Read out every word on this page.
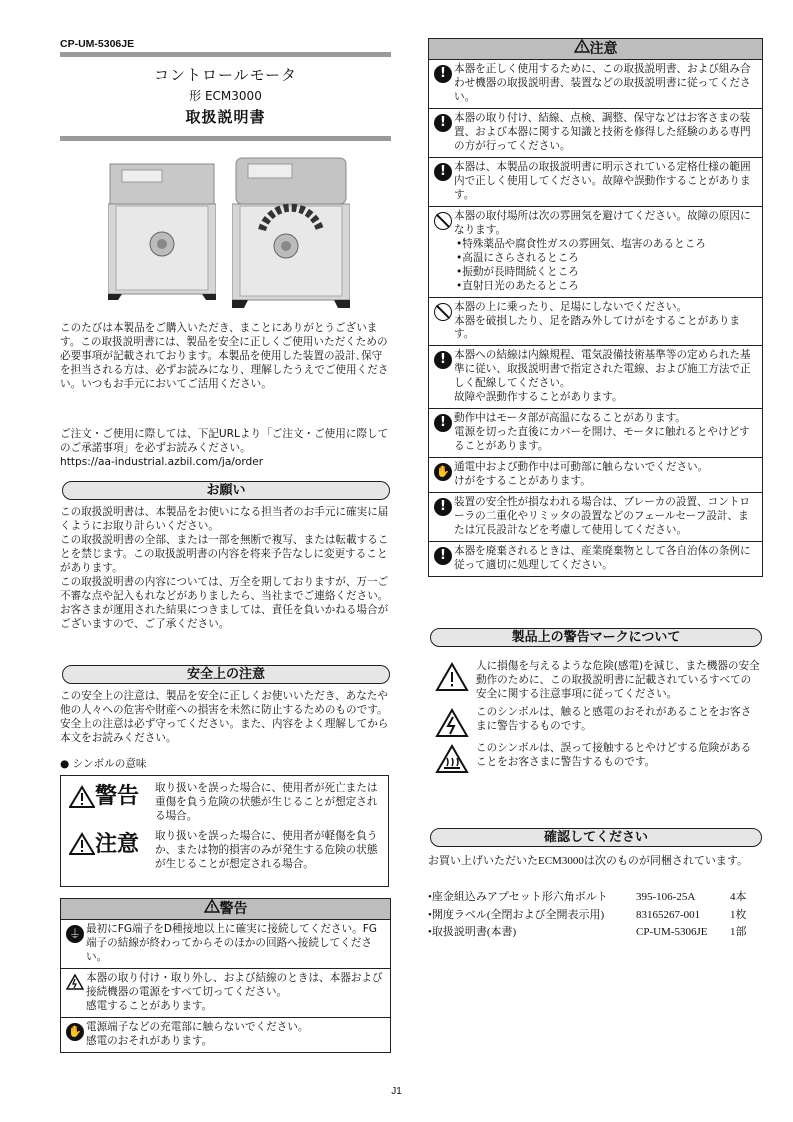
CP-UM-5306JE
コントロールモータ
形 ECM3000
取扱説明書
このたびは本製品をご購入いただき、まことにありがとうございます。この取扱説明書には、製品を安全に正しくご使用いただくための必要事項が記載されております。本製品を使用した装置の設計､保守を担当される方は、必ずお読みになり、理解したうえでご使用ください。いつもお手元においてご活用ください。
ご注文・ご使用に際しては、下記URLより「ご注文・ご使用に際してのご承諾事項」を必ずお読みください。
https://aa-industrial.azbil.com/ja/order
お願い
この取扱説明書は、本製品をお使いになる担当者のお手元に確実に届くようにお取り計らいください。
この取扱説明書の全部、または一部を無断で複写、または転載することを禁じます。この取扱説明書の内容を将来予告なしに変更することがあります。
この取扱説明書の内容については、万全を期しておりますが、万一ご不審な点や記入もれなどがありましたら、当社までご連絡ください。
お客さまが運用された結果につきましては、責任を負いかねる場合がございますので、ご了承ください。
安全上の注意
この安全上の注意は、製品を安全に正しくお使いいただき、あなたや他の人々への危害や財産への損害を未然に防止するためのものです。安全上の注意は必ず守ってください。また、内容をよく理解してから本文をお読みください。
● シンボルの意味
警告 取り扱いを誤った場合に、使用者が死亡または重傷を負う危険の状態が生じることが想定される場合。
注意 取り扱いを誤った場合に、使用者が軽傷を負うか、または物的損害のみが発生する危険の状態が生じることが想定される場合。
警告
⏚ 最初にFG端子をD種接地以上に確実に接続してください。FG端子の結線が終わってからそのほかの回路へ接続してください。
本器の取り付け・取り外し、および結線のときは、本器および接続機器の電源をすべて切ってください。
感電することがあります。
✋ 電源端子などの充電部に触らないでください。
感電のおそれがあります。
注意
! 本器を正しく使用するために、この取扱説明書、および組み合わせ機器の取扱説明書、装置などの取扱説明書に従ってください。
! 本器の取り付け、結線、点検、調整、保守などはお客さまの装置、および本器に関する知識と技術を修得した経験のある専門の方が行ってください。
! 本器は、本製品の取扱説明書に明示されている定格仕様の範囲内で正しく使用してください。故障や誤動作することがあります。
本器の取付場所は次の雰囲気を避けてください。故障の原因になります。
•特殊薬品や腐食性ガスの雰囲気、塩害のあるところ
•高温にさらされるところ
•振動が長時間続くところ
•直射日光のあたるところ
本器の上に乗ったり、足場にしないでください。
本器を破損したり、足を踏み外してけがをすることがあります。
! 本器への結線は内線規程、電気設備技術基準等の定められた基準に従い、取扱説明書で指定された電線、および施工方法で正しく配線してください。
故障や誤動作することがあります。
! 動作中はモータ部が高温になることがあります。
電源を切った直後にカバーを開け、モータに触れるとやけどすることがあります。
✋ 通電中および動作中は可動部に触らないでください。
けがをすることがあります。
! 装置の安全性が損なわれる場合は、ブレーカの設置、コントローラの二重化やリミッタの設置などのフェールセーフ設計、または冗長設計などを考慮して使用してください。
! 本器を廃棄されるときは、産業廃棄物として各自治体の条例に従って適切に処理してください。
製品上の警告マークについて
人に損傷を与えるような危険(感電)を減じ、また機器の安全動作のために、この取扱説明書に記載されているすべての安全に関する注意事項に従ってください。
このシンボルは、触ると感電のおそれがあることをお客さまに警告するものです。
このシンボルは、誤って接触するとやけどする危険があることをお客さまに警告するものです。
確認してください
お買い上げいただいたECM3000は次のものが同梱されています。
•座金組込みアプセット形六角ボルト	395-106-25A	4本
•開度ラベル(全閉および全開表示用)	83165267-001	1枚
•取扱説明書(本書)	CP-UM-5306JE	1部
J1
